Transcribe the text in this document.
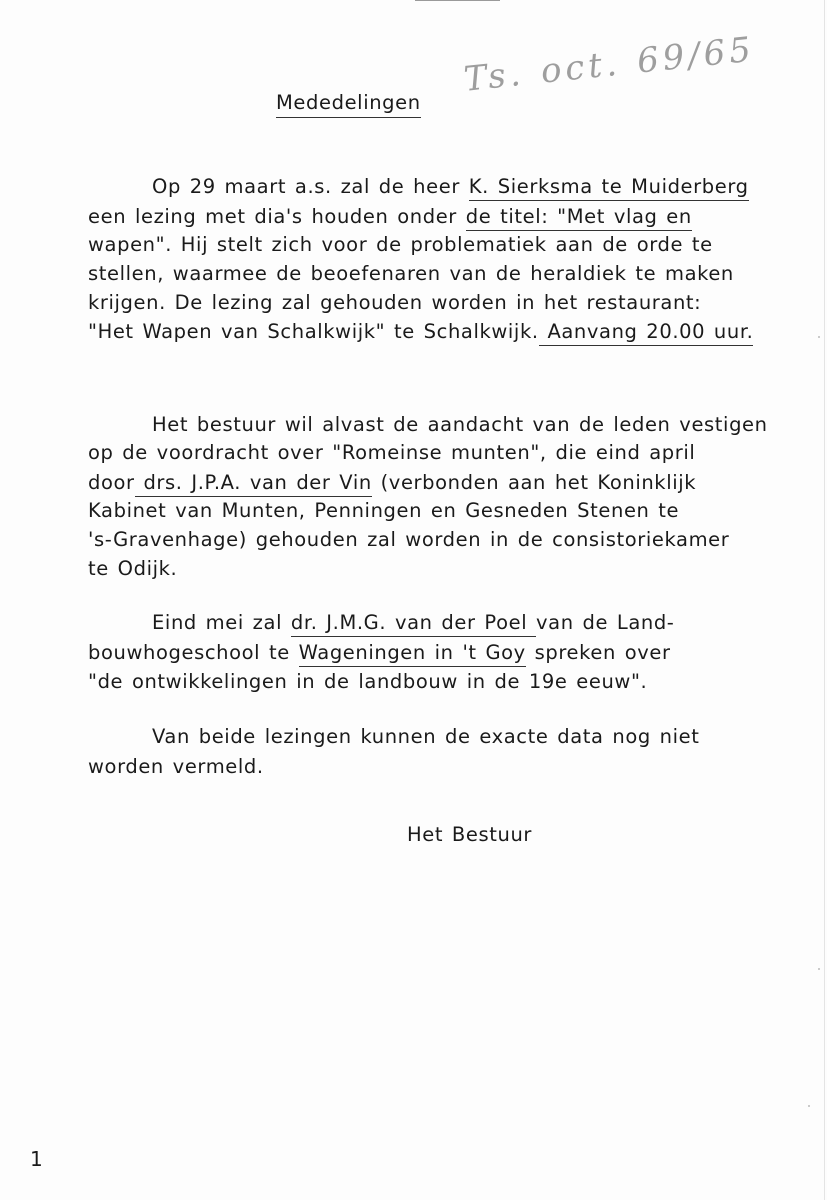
Mededelingen
Ts. oct. 69/65

Op 29 maart a.s. zal de heer K. Sierksma te Muiderberg

een lezing met dia's houden onder de titel: "Met vlag en

wapen". Hij stelt zich voor de problematiek aan de orde te

stellen, waarmee de beoefenaren van de heraldiek te maken

krijgen. De lezing zal gehouden worden in het restaurant:

"Het Wapen van Schalkwijk" te Schalkwijk. Aanvang 20.00 uur.

Het bestuur wil alvast de aandacht van de leden vestigen

op de voordracht over "Romeinse munten", die eind april

door drs. J.P.A. van der Vin (verbonden aan het Koninklijk

Kabinet van Munten, Penningen en Gesneden Stenen te

's-Gravenhage) gehouden zal worden in de consistoriekamer

te Odijk.

Eind mei zal dr. J.M.G. van der Poel van de Land-

bouwhogeschool te Wageningen in 't Goy spreken over

"de ontwikkelingen in de landbouw in de 19e eeuw".

Van beide lezingen kunnen de exacte data nog niet

worden vermeld.

Het Bestuur
1
